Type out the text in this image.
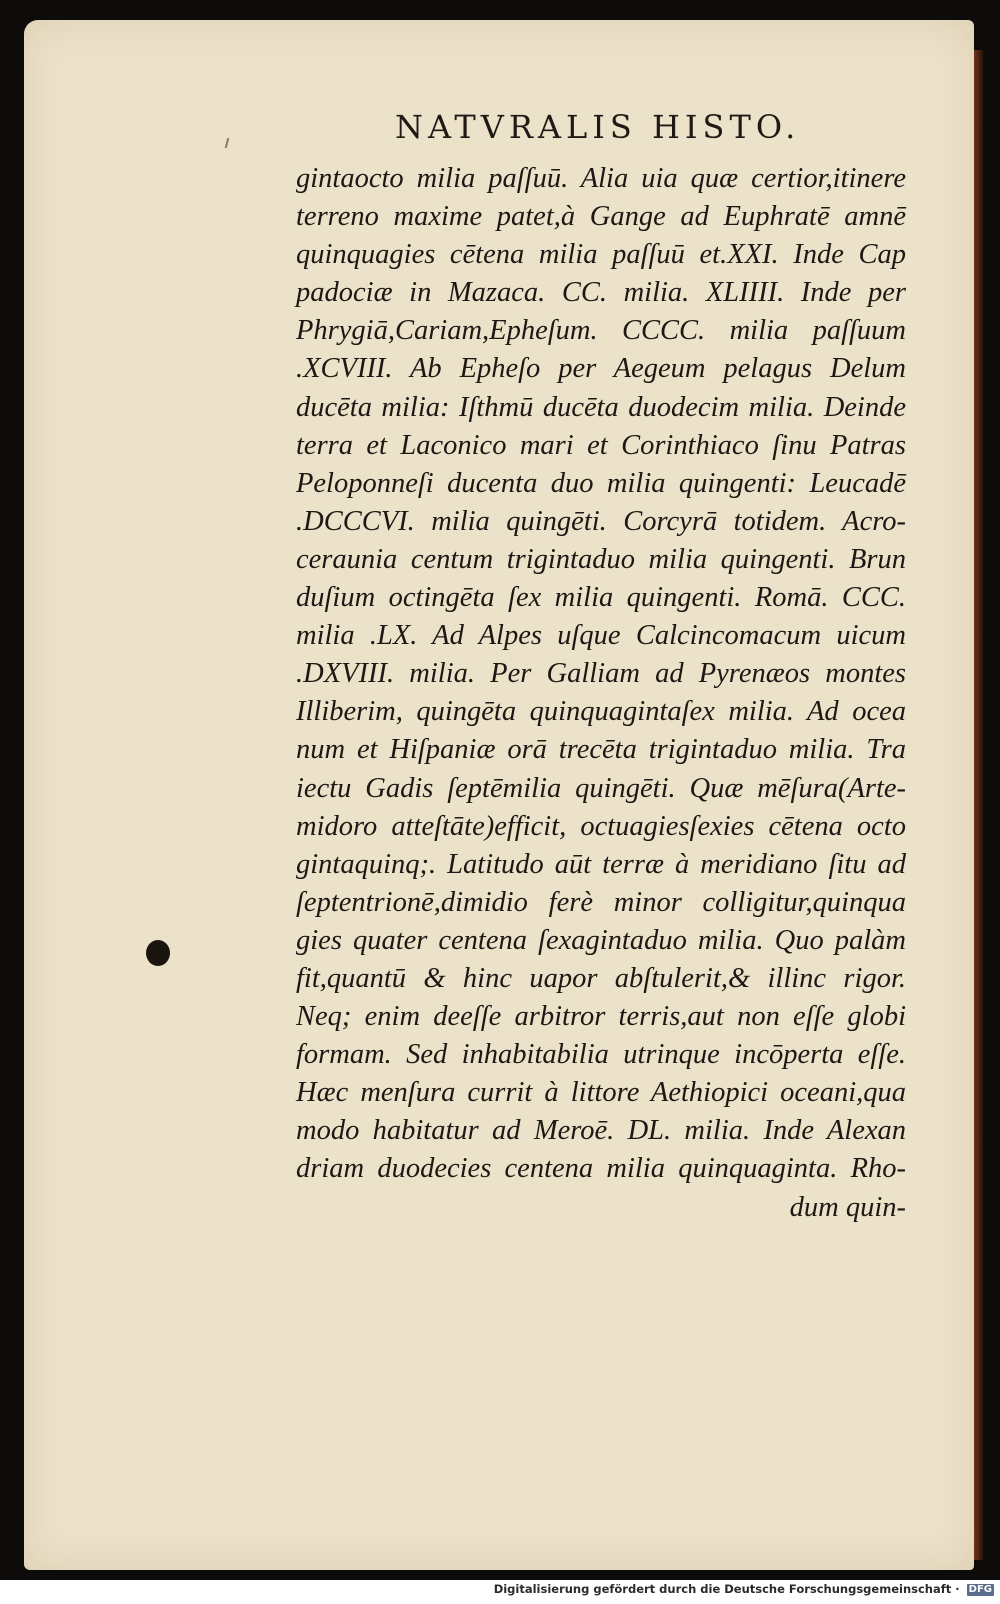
NATVRALIS HISTO.
gintaocto milia paſſuū. Alia uia quæ certior,itinere
terreno maxime patet,à Gange ad Euphratē amnē
quinquagies cētena milia paſſuū et.XXI. Inde Cap
padociæ in Mazaca. CC. milia. XLIIII. Inde per
Phrygiā,Cariam,Epheſum. CCCC. milia paſſuum
.XCVIII. Ab Epheſo per Aegeum pelagus Delum
ducēta milia: Iſthmū ducēta duodecim milia. Deinde
terra et Laconico mari et Corinthiaco ſinu Patras
Peloponneſi ducenta duo milia quingenti: Leucadē
.DCCCVI. milia quingēti. Corcyrā totidem. Acro-
ceraunia centum trigintaduo milia quingenti. Brun
duſium octingēta ſex milia quingenti. Romā. CCC.
milia .LX. Ad Alpes uſque Calcincomacum uicum
.DXVIII. milia. Per Galliam ad Pyrenæos montes
Illiberim, quingēta quinquagintaſex milia. Ad ocea
num et Hiſpaniæ orā trecēta trigintaduo milia. Tra
iectu Gadis ſeptēmilia quingēti. Quæ mēſura(Arte-
midoro atteſtāte)efficit, octuagiesſexies cētena octo
gintaquinq;. Latitudo aūt terræ à meridiano ſitu ad
ſeptentrionē,dimidio ferè minor colligitur,quinqua
gies quater centena ſexagintaduo milia. Quo palàm
fit,quantū & hinc uapor abſtulerit,& illinc rigor.
Neq; enim deeſſe arbitror terris,aut non eſſe globi
formam. Sed inhabitabilia utrinque incōperta eſſe.
Hæc menſura currit à littore Aethiopici oceani,qua
modo habitatur ad Meroē. DL. milia. Inde Alexan
driam duodecies centena milia quinquaginta. Rho-
dum quin-
Digitalisierung gefördert durch die Deutsche Forschungsgemeinschaft · DFG
